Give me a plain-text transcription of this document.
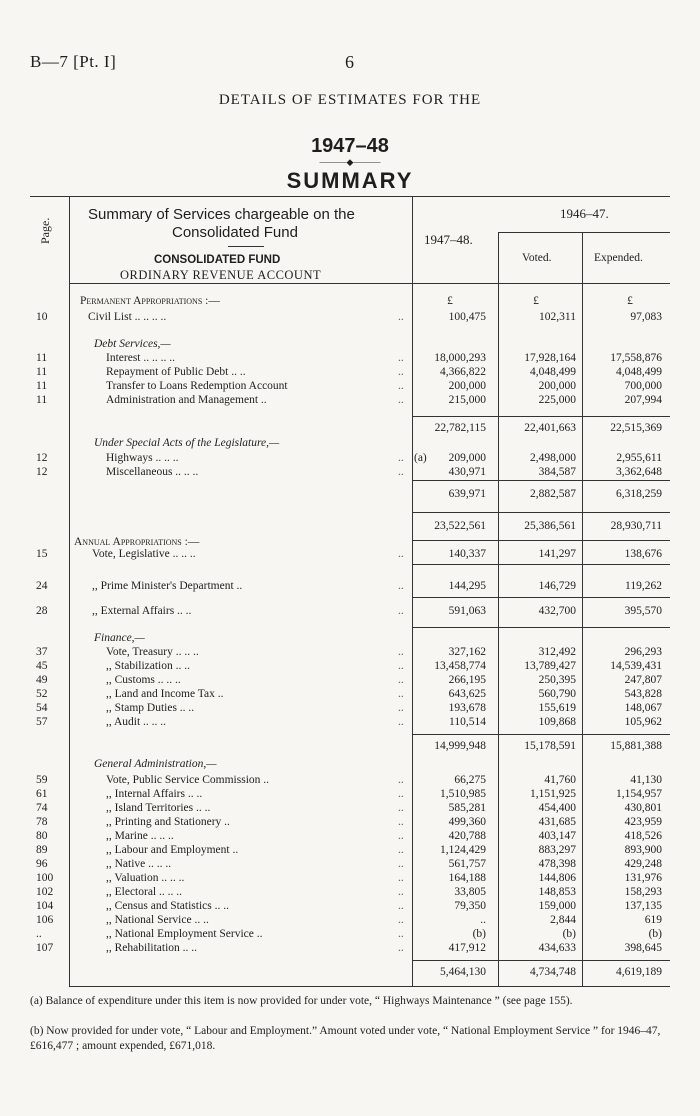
B—7 [Pt. I]	6
DETAILS OF ESTIMATES FOR THE
1947–48
———◆———
SUMMARY
Page.
Summary of Services chargeable on the
Consolidated Fund
CONSOLIDATED FUND
ORDINARY REVENUE ACCOUNT
1947–48.
1946–47.
Voted.	Expended.
Permanent Appropriations :—
Debt Services,—
Under Special Acts of the Legislature,—
Annual Appropriations :—
Finance,—
General Administration,—
£	£	£
10	Civil List .. .. .. ..	..	100,475	102,311	97,083
11	Interest .. .. .. ..	..	18,000,293	17,928,164	17,558,876
11	Repayment of Public Debt .. ..	..	4,366,822	4,048,499	4,048,499
11	Transfer to Loans Redemption Account	..	200,000	200,000	700,000
11	Administration and Management ..	..	215,000	225,000	207,994
22,782,115	22,401,663	22,515,369
12	Highways .. .. ..	.. (a)	209,000	2,498,000	2,955,611
12	Miscellaneous .. .. ..	..	430,971	384,587	3,362,648
639,971	2,882,587	6,318,259
23,522,561	25,386,561	28,930,711
15	Vote, Legislative .. .. ..	..	140,337	141,297	138,676
24	,, Prime Minister's Department ..	..	144,295	146,729	119,262
28	,, External Affairs .. ..	..	591,063	432,700	395,570
37	Vote, Treasury .. .. ..	..	327,162	312,492	296,293
45	,, Stabilization .. ..	..	13,458,774	13,789,427	14,539,431
49	,, Customs .. .. ..	..	266,195	250,395	247,807
52	,, Land and Income Tax ..	..	643,625	560,790	543,828
54	,, Stamp Duties .. ..	..	193,678	155,619	148,067
57	,, Audit .. .. ..	..	110,514	109,868	105,962
14,999,948	15,178,591	15,881,388
59	Vote, Public Service Commission ..	..	66,275	41,760	41,130
61	,, Internal Affairs .. ..	..	1,510,985	1,151,925	1,154,957
74	,, Island Territories .. ..	..	585,281	454,400	430,801
78	,, Printing and Stationery ..	..	499,360	431,685	423,959
80	,, Marine .. .. ..	..	420,788	403,147	418,526
89	,, Labour and Employment ..	..	1,124,429	883,297	893,900
96	,, Native .. .. ..	..	561,757	478,398	429,248
100	,, Valuation .. .. ..	..	164,188	144,806	131,976
102	,, Electoral .. .. ..	..	33,805	148,853	158,293
104	,, Census and Statistics .. ..	..	79,350	159,000	137,135
106	,, National Service .. ..	..	..	2,844	619
..	,, National Employment Service ..	..	(b)	(b)	(b)
107	,, Rehabilitation .. ..	..	417,912	434,633	398,645
5,464,130	4,734,748	4,619,189
(a) Balance of expenditure under this item is now provided for under vote, “ Highways Maintenance ” (see page 155).
(b) Now provided for under vote, “ Labour and Employment.” Amount voted under vote, “ National Employment Service ” for 1946–47, £616,477 ; amount expended, £671,018.
